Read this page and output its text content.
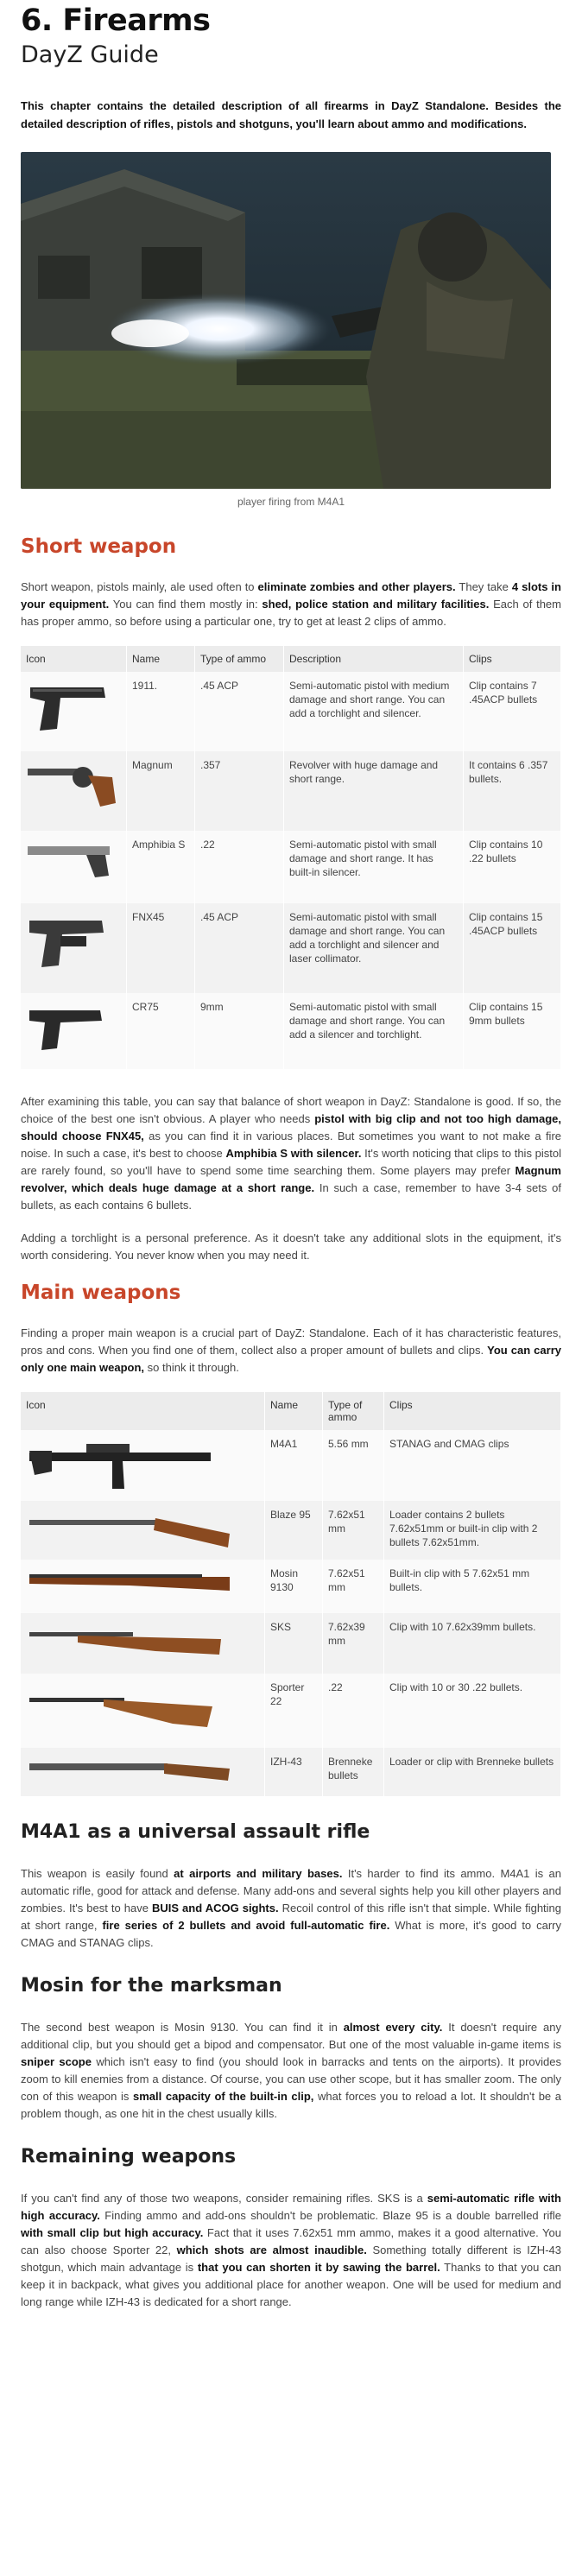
6. Firearms
DayZ Guide

This chapter contains the detailed description of all firearms in DayZ Standalone. Besides the detailed description of rifles, pistols and shotguns, you'll learn about ammo and modifications.

player firing from M4A1
Short weapon

Short weapon, pistols mainly, ale used often to eliminate zombies and other players. They take 4 slots in your equipment. You can find them mostly in: shed, police station and military facilities. Each of them has proper ammo, so before using a particular one, try to get at least 2 clips of ammo.

Icon	Name	Type of ammo	Description	Clips

	1911.	.45 ACP	Semi-automatic pistol with medium damage and short range. You can add a torchlight and silencer.	Clip contains 7 .45ACP bullets

	Magnum	.357	Revolver with huge damage and short range.	It contains 6 .357 bullets.

	Amphibia S	.22	Semi-automatic pistol with small damage and short range. It has built-in silencer.	Clip contains 10 .22 bullets

	FNX45	.45 ACP	Semi-automatic pistol with small damage and short range. You can add a torchlight and silencer and laser collimator.	Clip contains 15 .45ACP bullets

	CR75	9mm	Semi-automatic pistol with small damage and short range. You can add a silencer and torchlight.	Clip contains 15 9mm bullets

After examining this table, you can say that balance of short weapon in DayZ: Standalone is good. If so, the choice of the best one isn't obvious. A player who needs pistol with big clip and not too high damage, should choose FNX45, as you can find it in various places. But sometimes you want to not make a fire noise. In such a case, it's best to choose Amphibia S with silencer. It's worth noticing that clips to this pistol are rarely found, so you'll have to spend some time searching them. Some players may prefer Magnum revolver, which deals huge damage at a short range. In such a case, remember to have 3-4 sets of bullets, as each contains 6 bullets.

Adding a torchlight is a personal preference. As it doesn't take any additional slots in the equipment, it's worth considering. You never know when you may need it.

Main weapons

Finding a proper main weapon is a crucial part of DayZ: Standalone. Each of it has characteristic features, pros and cons. When you find one of them, collect also a proper amount of bullets and clips. You can carry only one main weapon, so think it through.

Icon	Name	Type of ammo	Clips

	M4A1	5.56 mm	STANAG and CMAG clips

	Blaze 95	7.62x51 mm	Loader contains 2 bullets 7.62x51mm or built-in clip with 2 bullets 7.62x51mm.

	Mosin 9130	7.62x51 mm	Built-in clip with 5 7.62x51 mm bullets.

	SKS	7.62x39 mm	Clip with 10 7.62x39mm bullets.

	Sporter 22	.22	Clip with 10 or 30 .22 bullets.

	IZH-43	Brenneke bullets	Loader or clip with Brenneke bullets
M4A1 as a universal assault rifle

This weapon is easily found at airports and military bases. It's harder to find its ammo. M4A1 is an automatic rifle, good for attack and defense. Many add-ons and several sights help you kill other players and zombies. It's best to have BUIS and ACOG sights. Recoil control of this rifle isn't that simple. While fighting at short range, fire series of 2 bullets and avoid full-automatic fire. What is more, it's good to carry CMAG and STANAG clips.

Mosin for the marksman

The second best weapon is Mosin 9130. You can find it in almost every city. It doesn't require any additional clip, but you should get a bipod and compensator. But one of the most valuable in-game items is sniper scope which isn't easy to find (you should look in barracks and tents on the airports). It provides zoom to kill enemies from a distance. Of course, you can use other scope, but it has smaller zoom. The only con of this weapon is small capacity of the built-in clip, what forces you to reload a lot. It shouldn't be a problem though, as one hit in the chest usually kills.

Remaining weapons

If you can't find any of those two weapons, consider remaining rifles. SKS is a semi-automatic rifle with high accuracy. Finding ammo and add-ons shouldn't be problematic. Blaze 95 is a double barrelled rifle with small clip but high accuracy. Fact that it uses 7.62x51 mm ammo, makes it a good alternative. You can also choose Sporter 22, which shots are almost inaudible. Something totally different is IZH-43 shotgun, which main advantage is that you can shorten it by sawing the barrel. Thanks to that you can keep it in backpack, what gives you additional place for another weapon. One will be used for medium and long range while IZH-43 is dedicated for a short range.
